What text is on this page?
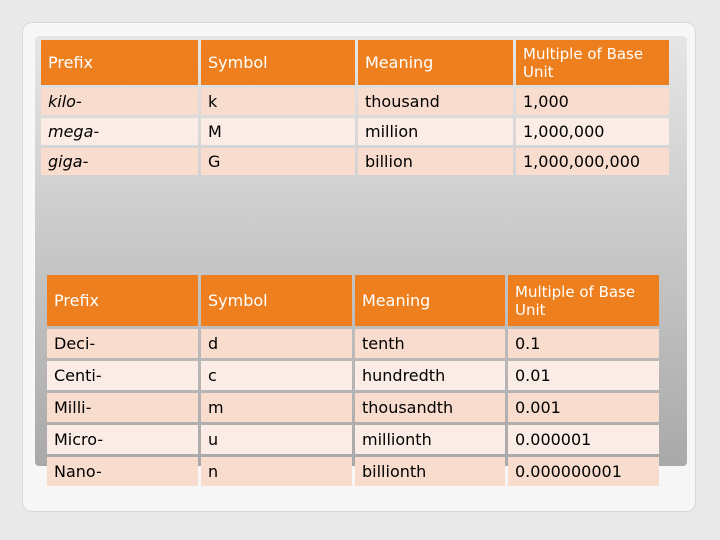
Prefix	Symbol	Meaning	Multiple of Base Unit
kilo-	k	thousand	1,000
mega-	M	million	1,000,000
giga-	G	billion	1,000,000,000
Prefix	Symbol	Meaning	Multiple of Base Unit
Deci-	d	tenth	0.1
Centi-	c	hundredth	0.01
Milli-	m	thousandth	0.001
Micro-	u	millionth	0.000001
Nano-	n	billionth	0.000000001
